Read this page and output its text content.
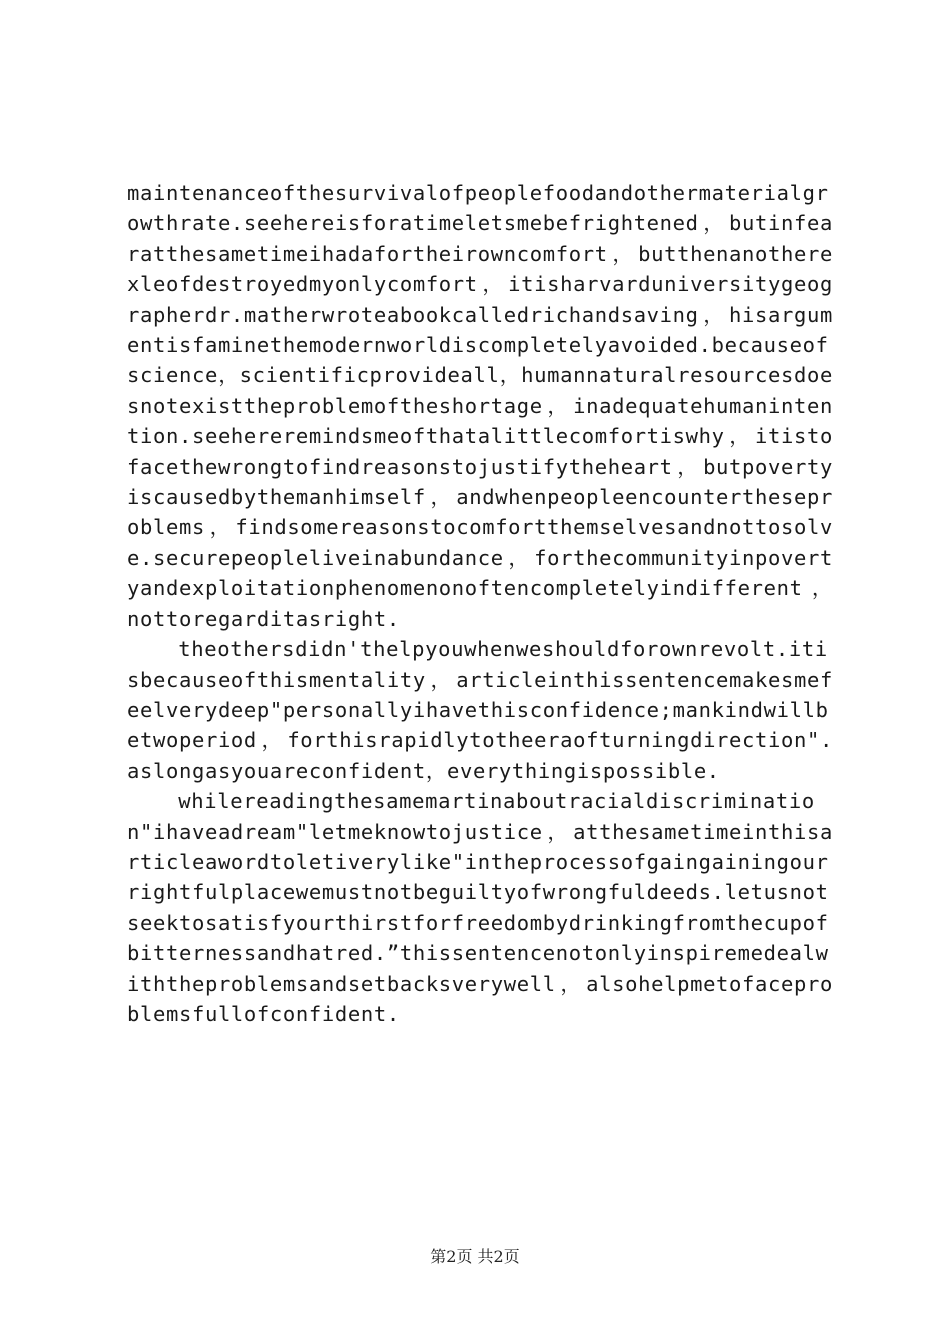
maintenanceofthesurvivalofpeoplefoodandothermaterialgrowthrate.seehereisforatimeletsmebefrightened，butinfearatthesametimeihadafortheirowncomfort，butthenanotherexleofdestroyedmyonlycomfort，itisharvarduniversitygeographerdr.matherwroteabookcalledrichandsaving，hisargumentisfaminethemodernworldiscompletelyavoided.becauseofscience，scientificprovideall，humannaturalresourcesdoesnotexisttheproblemoftheshortage，inadequatehumanintention.seehereremindsmeofthatalittlecomfortiswhy，itistofacethewrongtofindreasonstojustifytheheart，butpovertyiscausedbythemanhimself，andwhenpeopleencountertheseproblems，findsomereasonstocomfortthemselvesandnottosolve.securepeopleliveinabundance，forthecommunityinpovertyandexploitationphenomenonoftencompletelyindifferent，nottoregarditasright.

theothersdidn'thelpyouwhenweshouldforownrevolt.itisbecauseofthismentality，articleinthissentencemakesmefeelverydeep"personallyihavethisconfidence;mankindwillbetwoperiod，forthisrapidlytotheeraofturningdirection".aslongasyouareconfident，everythingispossible.

whilereadingthesamemartinaboutracialdiscrimination"ihaveadream"letmeknowtojustice，atthesametimeinthisarticleawordtoletiverylike"intheprocessofgaingainingourrightfulplacewemustnotbeguiltyofwrongfuldeeds.letusnotseektosatisfyourthirstforfreedombydrinkingfromthecupofbitternessandhatred.”thissentencenotonlyinspiremedealwiththeproblemsandsetbacksverywell，alsohelpmetofaceproblemsfullofconfident.

第2页 共2页
